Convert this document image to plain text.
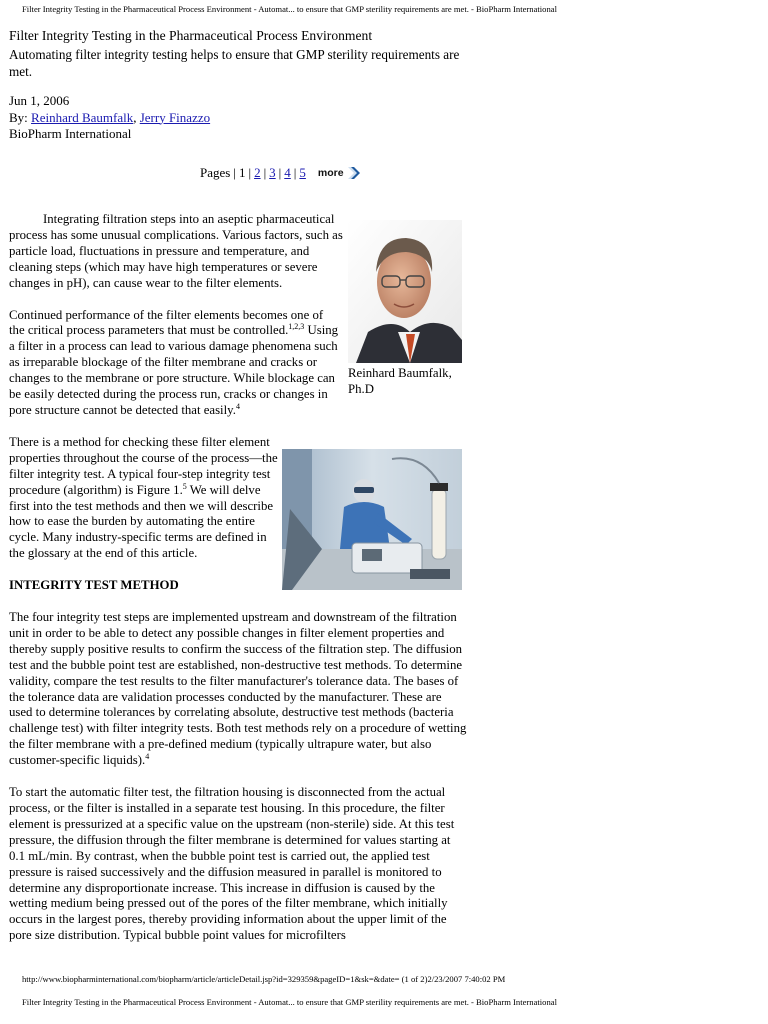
Filter Integrity Testing in the Pharmaceutical Process Environment - Automat... to ensure that GMP sterility requirements are met. - BioPharm International
Filter Integrity Testing in the Pharmaceutical Process Environment
Automating filter integrity testing helps to ensure that GMP sterility requirements are met.
Jun 1, 2006
By: Reinhard Baumfalk, Jerry Finazzo
BioPharm International
Pages | 1 | 2 | 3 | 4 | 5 more
Reinhard Baumfalk, Ph.D

Integrating filtration steps into an aseptic pharmaceutical process has some unusual complications. Various factors, such as particle load, fluctuations in pressure and temperature, and cleaning steps (which may have high temperatures or severe changes in pH), can cause wear to the filter elements.

Continued performance of the filter elements becomes one of the critical process parameters that must be controlled.$^{1,2,3}$ Using a filter in a process can lead to various damage phenomena such as irreparable blockage of the filter membrane and cracks or changes to the membrane or pore structure. While blockage can be easily detected during the process run, cracks or changes in pore structure cannot be detected that easily.$^4$

There is a method for checking these filter element properties throughout the course of the process—the filter integrity test. A typical four-step integrity test procedure (algorithm) is Figure 1.$^5$ We will delve first into the test methods and then we will describe how to ease the burden by automating the entire cycle. Many industry-specific terms are defined in the glossary at the end of this article.

INTEGRITY TEST METHOD

The four integrity test steps are implemented upstream and downstream of the filtration unit in order to be able to detect any possible changes in filter element properties and thereby supply positive results to confirm the success of the filtration step. The diffusion test and the bubble point test are established, non-destructive test methods. To determine validity, compare the test results to the filter manufacturer's tolerance data. The bases of the tolerance data are validation processes conducted by the manufacturer. These are used to determine tolerances by correlating absolute, destructive test methods (bacteria challenge test) with filter integrity tests. Both test methods rely on a procedure of wetting the filter membrane with a pre-defined medium (typically ultrapure water, but also customer-specific liquids).$^4$

To start the automatic filter test, the filtration housing is disconnected from the actual process, or the filter is installed in a separate test housing. In this procedure, the filter element is pressurized at a specific value on the upstream (non-sterile) side. At this test pressure, the diffusion through the filter membrane is determined for values starting at 0.1 mL/min. By contrast, when the bubble point test is carried out, the applied test pressure is raised successively and the diffusion measured in parallel is monitored to determine any disproportionate increase. This increase in diffusion is caused by the wetting medium being pressed out of the pores of the filter membrane, which initially occurs in the largest pores, thereby providing information about the upper limit of the pore size distribution. Typical bubble point values for microfilters

http://www.biopharminternational.com/biopharm/article/articleDetail.jsp?id=329359&pageID=1&sk=&date= (1 of 2)2/23/2007 7:40:02 PM
Filter Integrity Testing in the Pharmaceutical Process Environment - Automat... to ensure that GMP sterility requirements are met. - BioPharm International
